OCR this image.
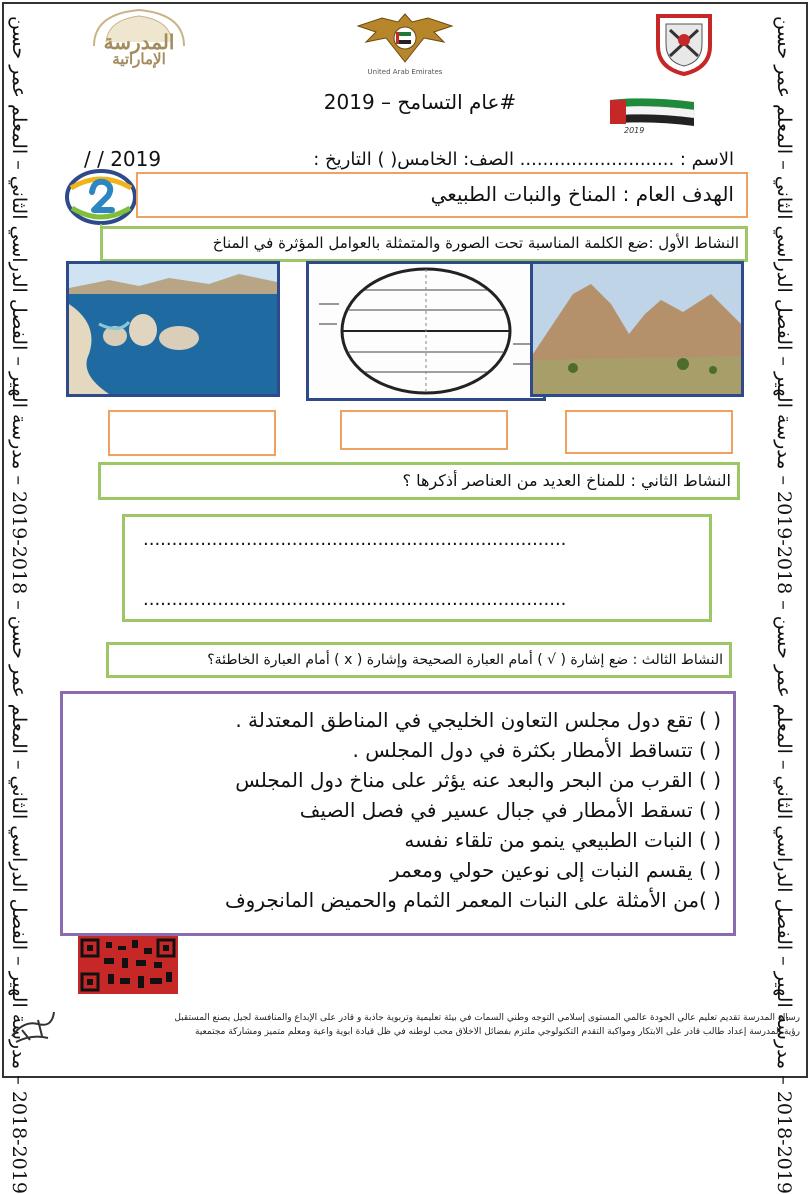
2018-2019 – مدرسة الهير – الفصل الدراسي الثاني – المعلم عمر حسن – 2018-2019 – مدرسة الهير – الفصل الدراسي الثاني – المعلم عمر حسن
2018-2019 – مدرسة الهير – الفصل الدراسي الثاني – المعلم عمر حسن – 2018-2019 – مدرسة الهير – الفصل الدراسي الثاني – المعلم عمر حسن
المدرسة
الإماراتية
United Arab Emirates
#عام التسامح – 2019
2019
الاسم : ........................... الصف: الخامس( ) التاريخ :
/ / 2019
الهدف العام : المناخ والنبات الطبيعي
النشاط الأول :ضع الكلمة المناسبة تحت الصورة والمتمثلة بالعوامل المؤثرة في المناخ
النشاط الثاني : للمناخ العديد من العناصر أذكرها ؟
..........................................................................
..........................................................................
النشاط الثالث : ضع إشارة ( √ ) أمام العبارة الصحيحة وإشارة ( x ) أمام العبارة الخاطئة؟
( ) تقع دول مجلس التعاون الخليجي في المناطق المعتدلة .
( ) تتساقط الأمطار بكثرة في دول المجلس .
( ) القرب من البحر والبعد عنه يؤثر على مناخ دول المجلس
( ) تسقط الأمطار في جبال عسير في فصل الصيف
( ) النبات الطبيعي ينمو من تلقاء نفسه
( ) يقسم النبات إلى نوعين حولي ومعمر
( )من الأمثلة على النبات المعمر الثمام والحميض المانجروف
رسالة المدرسة تقديم تعليم عالي الجودة عالمي المستوى إسلامي التوجه وطني السمات في بيئة تعليمية وتربوية جاذبة و قادر على الإبداع والمنافسة لجيل يصنع المستقبل
رؤية المدرسة إعداد طالب قادر على الابتكار ومواكبة التقدم التكنولوجي ملتزم بفضائل الاخلاق محب لوطنه في ظل قيادة ابوية واعية ومعلم متميز ومشاركة مجتمعية
